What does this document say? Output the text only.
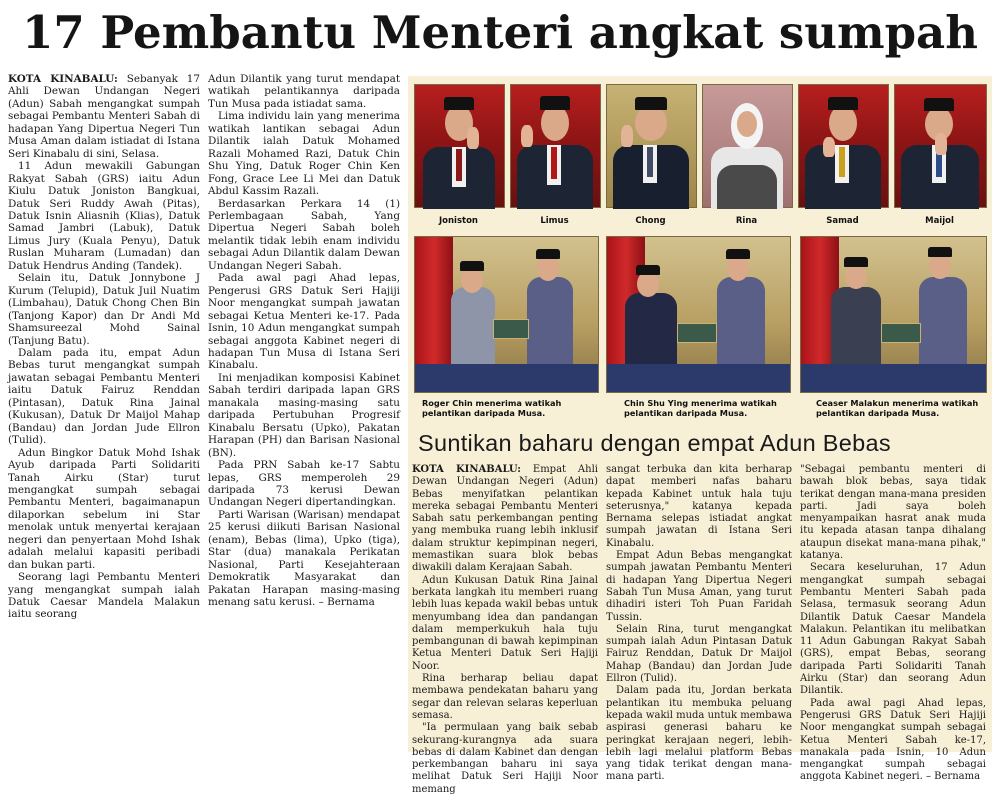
17 Pembantu Menteri angkat sumpah

KOTA KINABALU: Sebanyak 17 Ahli Dewan Undangan Negeri (Adun) Sabah mengangkat sumpah sebagai Pembantu Menteri Sabah di hadapan Yang Dipertua Negeri Tun Musa Aman dalam istiadat di Istana Seri Kinabalu di sini, Selasa.

11 Adun mewakili Gabungan Rakyat Sabah (GRS) iaitu Adun Kiulu Datuk Joniston Bangkuai, Datuk Seri Ruddy Awah (Pitas), Datuk Isnin Aliasnih (Klias), Datuk Samad Jambri (Labuk), Datuk Limus Jury (Kuala Penyu), Datuk Ruslan Muharam (Lumadan) dan Datuk Hendrus Anding (Tandek).

Selain itu, Datuk Jonnybone J Kurum (Telupid), Datuk Juil Nuatim (Limbahau), Datuk Chong Chen Bin (Tanjong Kapor) dan Dr Andi Md Shamsureezal Mohd Sainal (Tanjung Batu).

Dalam pada itu, empat Adun Bebas turut mengangkat sumpah jawatan sebagai Pembantu Menteri iaitu Datuk Fairuz Renddan (Pintasan), Datuk Rina Jainal (Kukusan), Datuk Dr Maijol Mahap (Bandau) dan Jordan Jude Ellron (Tulid).

Adun Bingkor Datuk Mohd Ishak Ayub daripada Parti Solidariti Tanah Airku (Star) turut mengangkat sumpah sebagai Pembantu Menteri, bagaimanapun dilaporkan sebelum ini Star menolak untuk menyertai kerajaan negeri dan penyertaan Mohd Ishak adalah melalui kapasiti peribadi dan bukan parti.

Seorang lagi Pembantu Menteri yang mengangkat sumpah ialah Datuk Caesar Mandela Malakun iaitu seorang

Adun Dilantik yang turut mendapat watikah pelantikannya daripada Tun Musa pada istiadat sama.

Lima individu lain yang menerima watikah lantikan sebagai Adun Dilantik ialah Datuk Mohamed Razali Mohamed Razi, Datuk Chin Shu Ying, Datuk Roger Chin Ken Fong, Grace Lee Li Mei dan Datuk Abdul Kassim Razali.

Berdasarkan Perkara 14 (1) Perlembagaan Sabah, Yang Dipertua Negeri Sabah boleh melantik tidak lebih enam individu sebagai Adun Dilantik dalam Dewan Undangan Negeri Sabah.

Pada awal pagi Ahad lepas, Pengerusi GRS Datuk Seri Hajiji Noor mengangkat sumpah jawatan sebagai Ketua Menteri ke-17. Pada Isnin, 10 Adun mengangkat sumpah sebagai anggota Kabinet negeri di hadapan Tun Musa di Istana Seri Kinabalu.

Ini menjadikan komposisi Kabinet Sabah terdiri daripada lapan GRS manakala masing-masing satu daripada Pertubuhan Progresif Kinabalu Bersatu (Upko), Pakatan Harapan (PH) dan Barisan Nasional (BN).

Pada PRN Sabah ke-17 Sabtu lepas, GRS memperoleh 29 daripada 73 kerusi Dewan Undangan Negeri dipertandingkan.

Parti Warisan (Warisan) mendapat 25 kerusi diikuti Barisan Nasional (enam), Bebas (lima), Upko (tiga), Star (dua) manakala Perikatan Nasional, Parti Kesejahteraan Demokratik Masyarakat dan Pakatan Harapan masing-masing menang satu kerusi. – Bernama

Joniston	Limus	Chong	Rina	Samad	Maijol
Roger Chin menerima watikah pelantikan daripada Musa.
Chin Shu Ying menerima watikah pelantikan daripada Musa.
Ceaser Malakun menerima watikah pelantikan daripada Musa.
Suntikan baharu dengan empat Adun Bebas

KOTA KINABALU: Empat Ahli Dewan Undangan Negeri (Adun) Bebas menyifatkan pelantikan mereka sebagai Pembantu Menteri Sabah satu perkembangan penting yang membuka ruang lebih inklusif dalam struktur kepimpinan negeri, memastikan suara blok bebas diwakili dalam Kerajaan Sabah.

Adun Kukusan Datuk Rina Jainal berkata langkah itu memberi ruang lebih luas kepada wakil bebas untuk menyumbang idea dan pandangan dalam memperkukuh hala tuju pembangunan di bawah kepimpinan Ketua Menteri Datuk Seri Hajiji Noor.

Rina berharap beliau dapat membawa pendekatan baharu yang segar dan relevan selaras keperluan semasa.

"Ia permulaan yang baik sebab sekurang-kurangnya ada suara bebas di dalam Kabinet dan dengan perkembangan baharu ini saya melihat Datuk Seri Hajiji Noor memang

sangat terbuka dan kita berharap dapat memberi nafas baharu kepada Kabinet untuk hala tuju seterusnya," katanya kepada Bernama selepas istiadat angkat sumpah jawatan di Istana Seri Kinabalu.

Empat Adun Bebas mengangkat sumpah jawatan Pembantu Menteri di hadapan Yang Dipertua Negeri Sabah Tun Musa Aman, yang turut dihadiri isteri Toh Puan Faridah Tussin.

Selain Rina, turut mengangkat sumpah ialah Adun Pintasan Datuk Fairuz Renddan, Datuk Dr Maijol Mahap (Bandau) dan Jordan Jude Ellron (Tulid).

Dalam pada itu, Jordan berkata pelantikan itu membuka peluang kepada wakil muda untuk membawa aspirasi generasi baharu ke peringkat kerajaan negeri, lebih-lebih lagi melalui platform Bebas yang tidak terikat dengan mana-mana parti.

"Sebagai pembantu menteri di bawah blok bebas, saya tidak terikat dengan mana-mana presiden parti. Jadi saya boleh menyampaikan hasrat anak muda itu kepada atasan tanpa dihalang ataupun disekat mana-mana pihak," katanya.

Secara keseluruhan, 17 Adun mengangkat sumpah sebagai Pembantu Menteri Sabah pada Selasa, termasuk seorang Adun Dilantik Datuk Caesar Mandela Malakun. Pelantikan itu melibatkan 11 Adun Gabungan Rakyat Sabah (GRS), empat Bebas, seorang daripada Parti Solidariti Tanah Airku (Star) dan seorang Adun Dilantik.

Pada awal pagi Ahad lepas, Pengerusi GRS Datuk Seri Hajiji Noor mengangkat sumpah sebagai Ketua Menteri Sabah ke-17, manakala pada Isnin, 10 Adun mengangkat sumpah sebagai anggota Kabinet negeri. – Bernama
